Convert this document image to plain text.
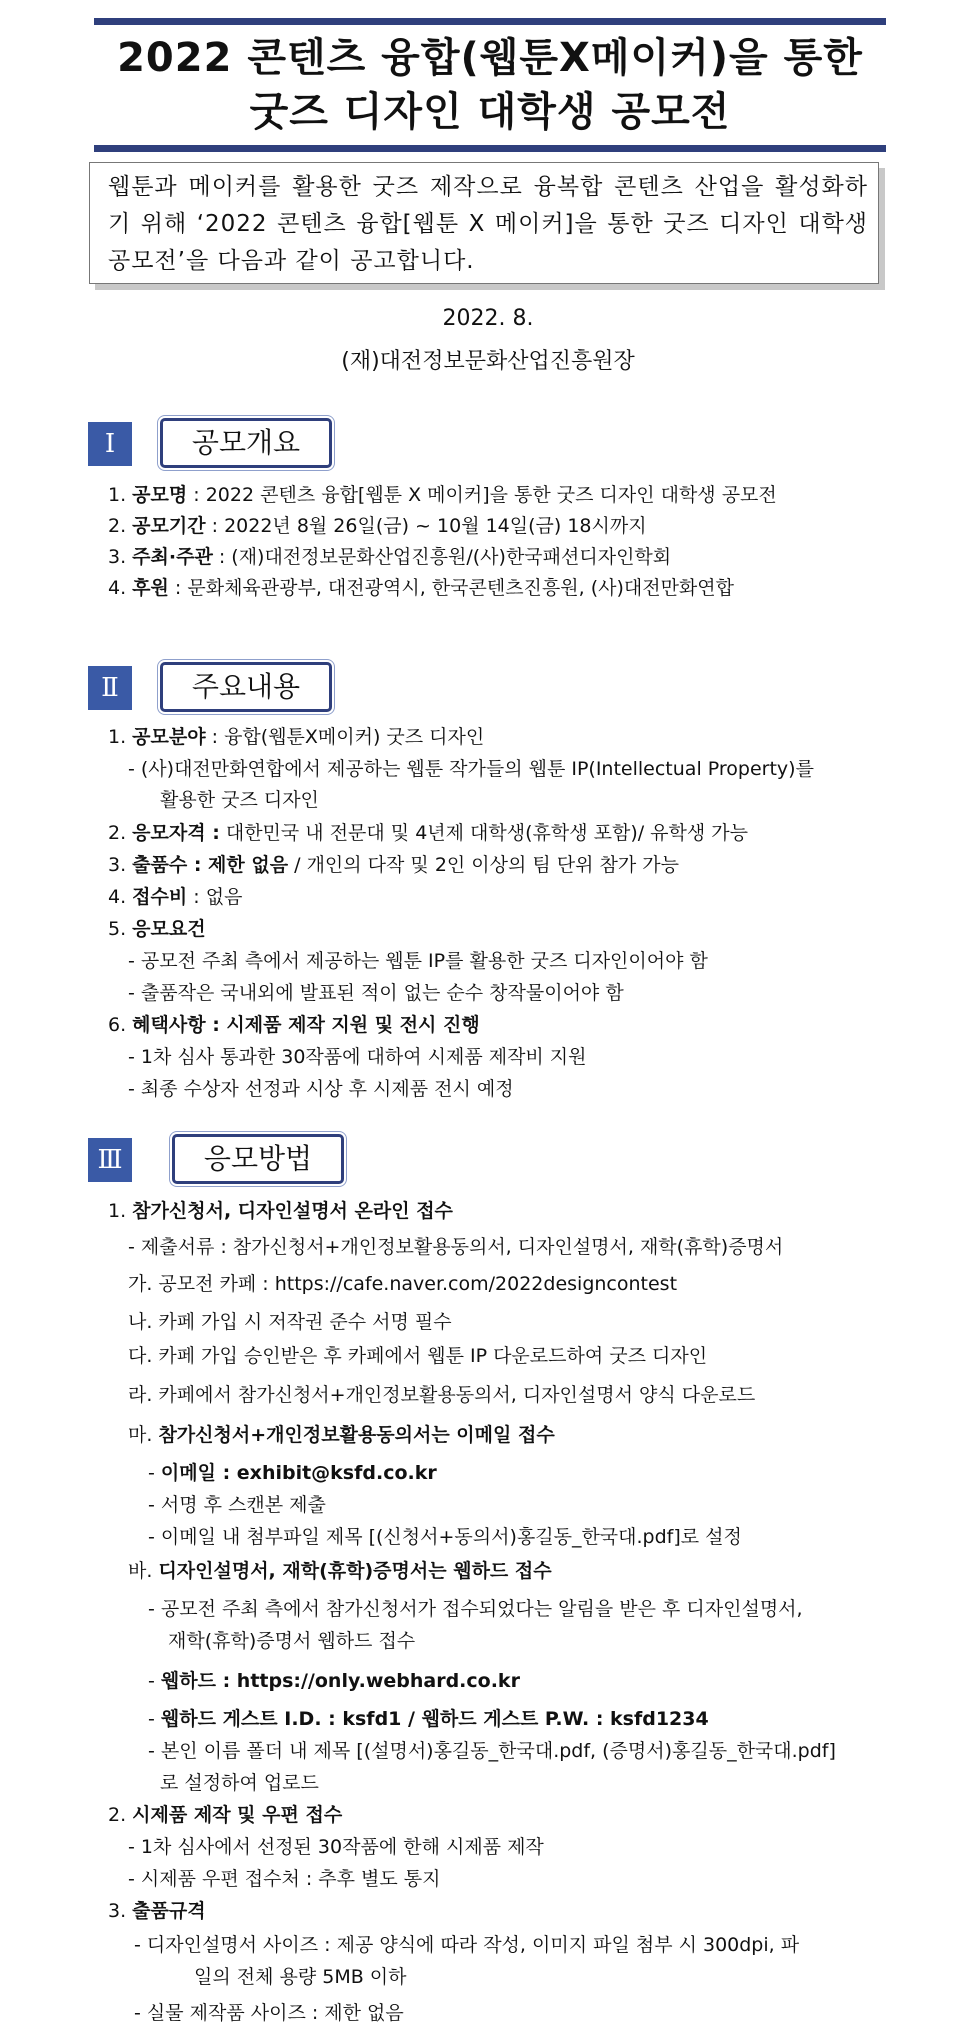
2022 콘텐츠 융합(웹툰X메이커)을 통한
굿즈 디자인 대학생 공모전
웹툰과 메이커를 활용한 굿즈 제작으로 융복합 콘텐츠 산업을 활성화하기 위해 ‘2022 콘텐츠 융합[웹툰 X 메이커]을 통한 굿즈 디자인 대학생 공모전’을 다음과 같이 공고합니다.
2022. 8.
(재)대전정보문화산업진흥원장
Ⅰ	공모개요
1. 공모명 : 2022 콘텐츠 융합[웹툰 X 메이커]을 통한 굿즈 디자인 대학생 공모전
2. 공모기간 : 2022년 8월 26일(금) ~ 10월 14일(금) 18시까지
3. 주최·주관 : (재)대전정보문화산업진흥원/(사)한국패션디자인학회
4. 후원 : 문화체육관광부, 대전광역시, 한국콘텐츠진흥원, (사)대전만화연합
Ⅱ	주요내용
1. 공모분야 : 융합(웹툰X메이커) 굿즈 디자인
- (사)대전만화연합에서 제공하는 웹툰 작가들의 웹툰 IP(Intellectual Property)를
활용한 굿즈 디자인
2. 응모자격 : 대한민국 내 전문대 및 4년제 대학생(휴학생 포함)/ 유학생 가능
3. 출품수 : 제한 없음 / 개인의 다작 및 2인 이상의 팀 단위 참가 가능
4. 접수비 : 없음
5. 응모요건
- 공모전 주최 측에서 제공하는 웹툰 IP를 활용한 굿즈 디자인이어야 함
- 출품작은 국내외에 발표된 적이 없는 순수 창작물이어야 함
6. 혜택사항 : 시제품 제작 지원 및 전시 진행
- 1차 심사 통과한 30작품에 대하여 시제품 제작비 지원
- 최종 수상자 선정과 시상 후 시제품 전시 예정
Ⅲ	응모방법
1. 참가신청서, 디자인설명서 온라인 접수
- 제출서류 : 참가신청서+개인정보활용동의서, 디자인설명서, 재학(휴학)증명서
가. 공모전 카페 : https://cafe.naver.com/2022designcontest
나. 카페 가입 시 저작권 준수 서명 필수
다. 카페 가입 승인받은 후 카페에서 웹툰 IP 다운로드하여 굿즈 디자인
라. 카페에서 참가신청서+개인정보활용동의서, 디자인설명서 양식 다운로드
마. 참가신청서+개인정보활용동의서는 이메일 접수
- 이메일 : exhibit@ksfd.co.kr
- 서명 후 스캔본 제출
- 이메일 내 첨부파일 제목 [(신청서+동의서)홍길동_한국대.pdf]로 설정
바. 디자인설명서, 재학(휴학)증명서는 웹하드 접수
- 공모전 주최 측에서 참가신청서가 접수되었다는 알림을 받은 후 디자인설명서,
재학(휴학)증명서 웹하드 접수
- 웹하드 : https://only.webhard.co.kr
- 웹하드 게스트 I.D. : ksfd1 / 웹하드 게스트 P.W. : ksfd1234
- 본인 이름 폴더 내 제목 [(설명서)홍길동_한국대.pdf, (증명서)홍길동_한국대.pdf]
로 설정하여 업로드
2. 시제품 제작 및 우편 접수
- 1차 심사에서 선정된 30작품에 한해 시제품 제작
- 시제품 우편 접수처 : 추후 별도 통지
3. 출품규격
- 디자인설명서 사이즈 : 제공 양식에 따라 작성, 이미지 파일 첨부 시 300dpi, 파
일의 전체 용량 5MB 이하
- 실물 제작품 사이즈 : 제한 없음
